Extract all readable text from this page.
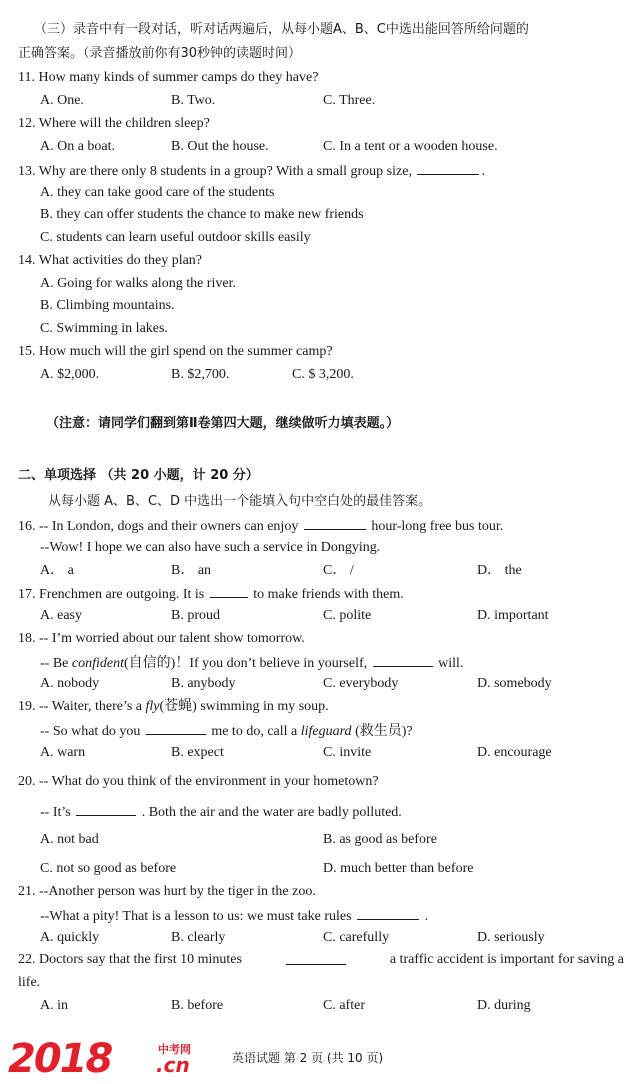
（三）录音中有一段对话，听对话两遍后，从每小题A、B、C中选出能回答所给问题的
正确答案。（录音播放前你有30秒钟的读题时间）
11. How many kinds of summer camps do they have?
A. One.	B. Two.	C. Three.
12. Where will the children sleep?
A. On a boat.	B. Out the house.	C. In a tent or a wooden house.
13. Why are there only 8 students in a group? With a small group size,	.
A. they can take good care of the students
B. they can offer students the chance to make new friends
C. students can learn useful outdoor skills easily
14. What activities do they plan?
A. Going for walks along the river.
B. Climbing mountains.
C. Swimming in lakes.
15. How much will the girl spend on the summer camp?
A. $2,000.	B. $2,700.	C. $ 3,200.
（注意：请同学们翻到第Ⅱ卷第四大题，继续做听力填表题。）
二、单项选择 （共 20 小题，计 20 分）
从每小题 A、B、C、D 中选出一个能填入句中空白处的最佳答案。
16. -- In London, dogs and their owners can enjoy	hour-long free bus tour.
--Wow! I hope we can also have such a service in Dongying.
A． a	B． an	C． /	D． the
17. Frenchmen are outgoing. It is	to make friends with them.
A. easy	B. proud	C. polite	D. important
18. -- I’m worried about our talent show tomorrow.
-- Be confident(自信的)！If you don’t believe in yourself,	will.
A. nobody	B. anybody	C. everybody	D. somebody
19. -- Waiter, there’s a fly(苍蝇) swimming in my soup.
-- So what do you	me to do, call a lifeguard (救生员)?
A. warn	B. expect	C. invite	D. encourage
20. -- What do you think of the environment in your hometown?
-- It’s	. Both the air and the water are badly polluted.
A. not bad	B. as good as before
C. not so good as before	D. much better than before
21. --Another person was hurt by the tiger in the zoo.
--What a pity! That is a lesson to us: we must take rules	.
A. quickly	B. clearly	C. carefully	D. seriously
22. Doctors say that the first 10 minutes	a traffic accident is important for saving a
life.
A. in	B. before	C. after	D. during
2018	中考网
.cn	英语试题 第 2 页 (共 10 页)
